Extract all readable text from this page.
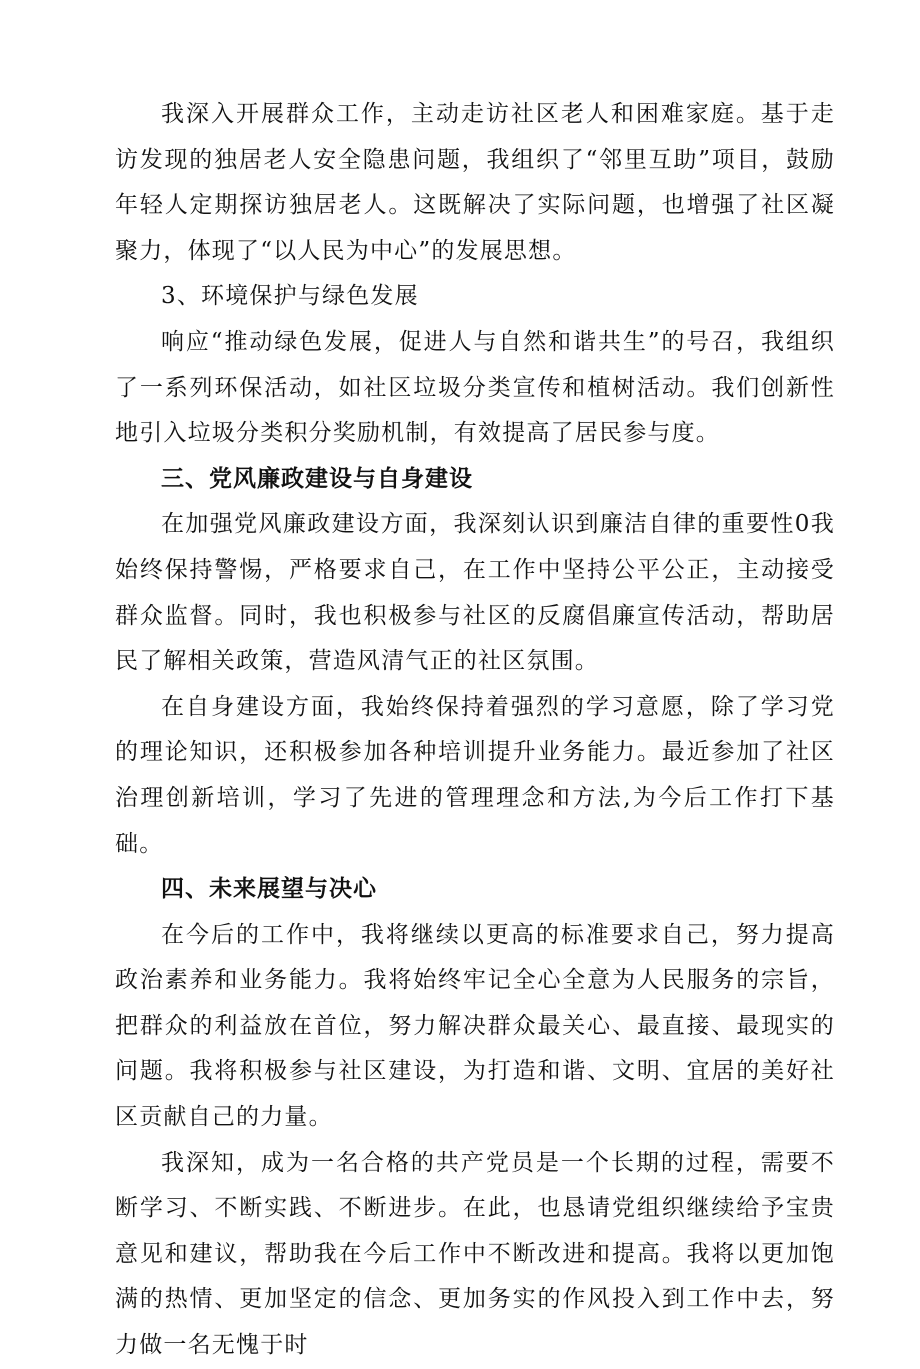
我深入开展群众工作，主动走访社区老人和困难家庭。基于走访发现的独居老人安全隐患问题，我组织了“邻里互助”项目，鼓励年轻人定期探访独居老人。这既解决了实际问题，也增强了社区凝聚力，体现了“以人民为中心”的发展思想。

3、环境保护与绿色发展

响应“推动绿色发展，促进人与自然和谐共生”的号召，我组织了一系列环保活动，如社区垃圾分类宣传和植树活动。我们创新性地引入垃圾分类积分奖励机制，有效提高了居民参与度。

三、党风廉政建设与自身建设

在加强党风廉政建设方面，我深刻认识到廉洁自律的重要性0我始终保持警惕，严格要求自己，在工作中坚持公平公正，主动接受群众监督。同时，我也积极参与社区的反腐倡廉宣传活动，帮助居民了解相关政策，营造风清气正的社区氛围。

在自身建设方面，我始终保持着强烈的学习意愿，除了学习党的理论知识，还积极参加各种培训提升业务能力。最近参加了社区治理创新培训，学习了先进的管理理念和方法,为今后工作打下基础。

四、未来展望与决心

在今后的工作中，我将继续以更高的标准要求自己，努力提高政治素养和业务能力。我将始终牢记全心全意为人民服务的宗旨，把群众的利益放在首位，努力解决群众最关心、最直接、最现实的问题。我将积极参与社区建设，为打造和谐、文明、宜居的美好社区贡献自己的力量。

我深知，成为一名合格的共产党员是一个长期的过程，需要不断学习、不断实践、不断进步。在此，也恳请党组织继续给予宝贵意见和建议，帮助我在今后工作中不断改进和提高。我将以更加饱满的热情、更加坚定的信念、更加务实的作风投入到工作中去，努力做一名无愧于时
